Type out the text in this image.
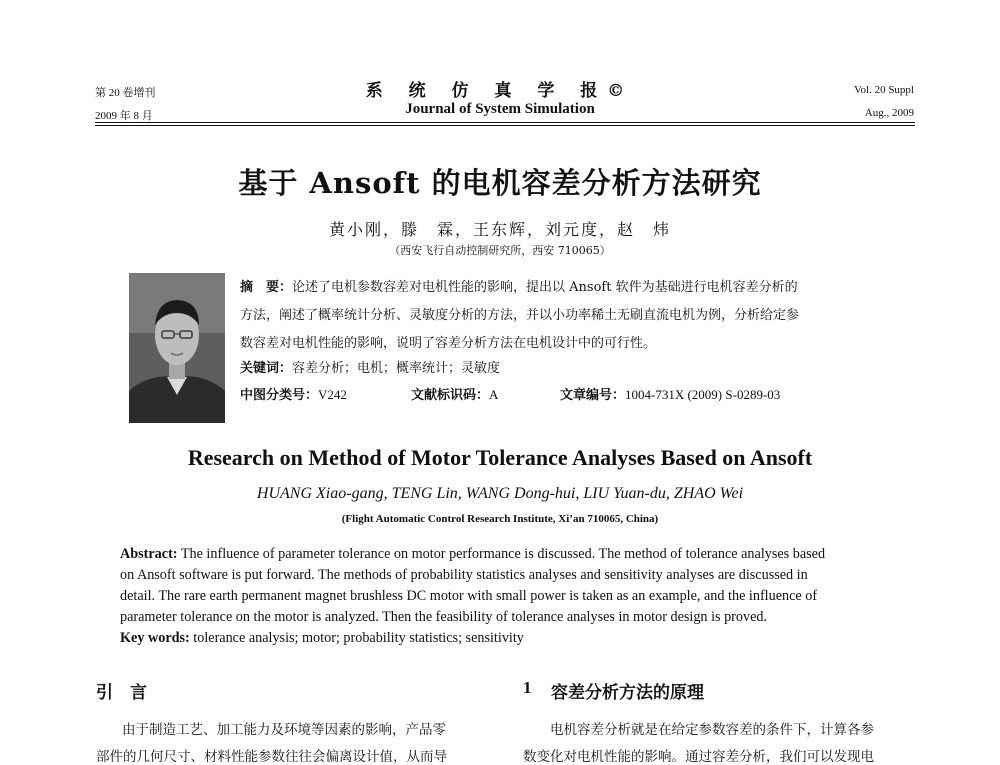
第 20 卷增刊
2009 年 8 月
系 统 仿 真 学 报©
Journal of System Simulation
Vol. 20 Suppl
Aug., 2009
基于 Ansoft 的电机容差分析方法研究
黄小刚，滕　霖，王东辉，刘元度，赵　炜
（西安飞行自动控制研究所，西安 710065）
摘　要：论述了电机参数容差对电机性能的影响，提出以 Ansoft 软件为基础进行电机容差分析的
方法，阐述了概率统计分析、灵敏度分析的方法，并以小功率稀土无刷直流电机为例，分析给定参
数容差对电机性能的影响，说明了容差分析方法在电机设计中的可行性。
关键词：容差分析；电机；概率统计；灵敏度
中图分类号：V242	文献标识码：A	文章编号：1004-731X (2009) S-0289-03
Research on Method of Motor Tolerance Analyses Based on Ansoft
HUANG Xiao-gang, TENG Lin, WANG Dong-hui, LIU Yuan-du, ZHAO Wei
(Flight Automatic Control Research Institute, Xi’an 710065, China)
Abstract: The influence of parameter tolerance on motor performance is discussed. The method of tolerance analyses based
on Ansoft software is put forward. The methods of probability statistics analyses and sensitivity analyses are discussed in
detail. The rare earth permanent magnet brushless DC motor with small power is taken as an example, and the influence of
parameter tolerance on the motor is analyzed. Then the feasibility of tolerance analyses in motor design is proved.
Key words: tolerance analysis; motor; probability statistics; sensitivity
引　言	1 容差分析方法的原理
由于制造工艺、加工能力及环境等因素的影响，产品零
部件的几何尺寸、材料性能参数往往会偏离设计值，从而导
电机容差分析就是在给定参数容差的条件下，计算各参
数变化对电机性能的影响。通过容差分析，我们可以发现电
